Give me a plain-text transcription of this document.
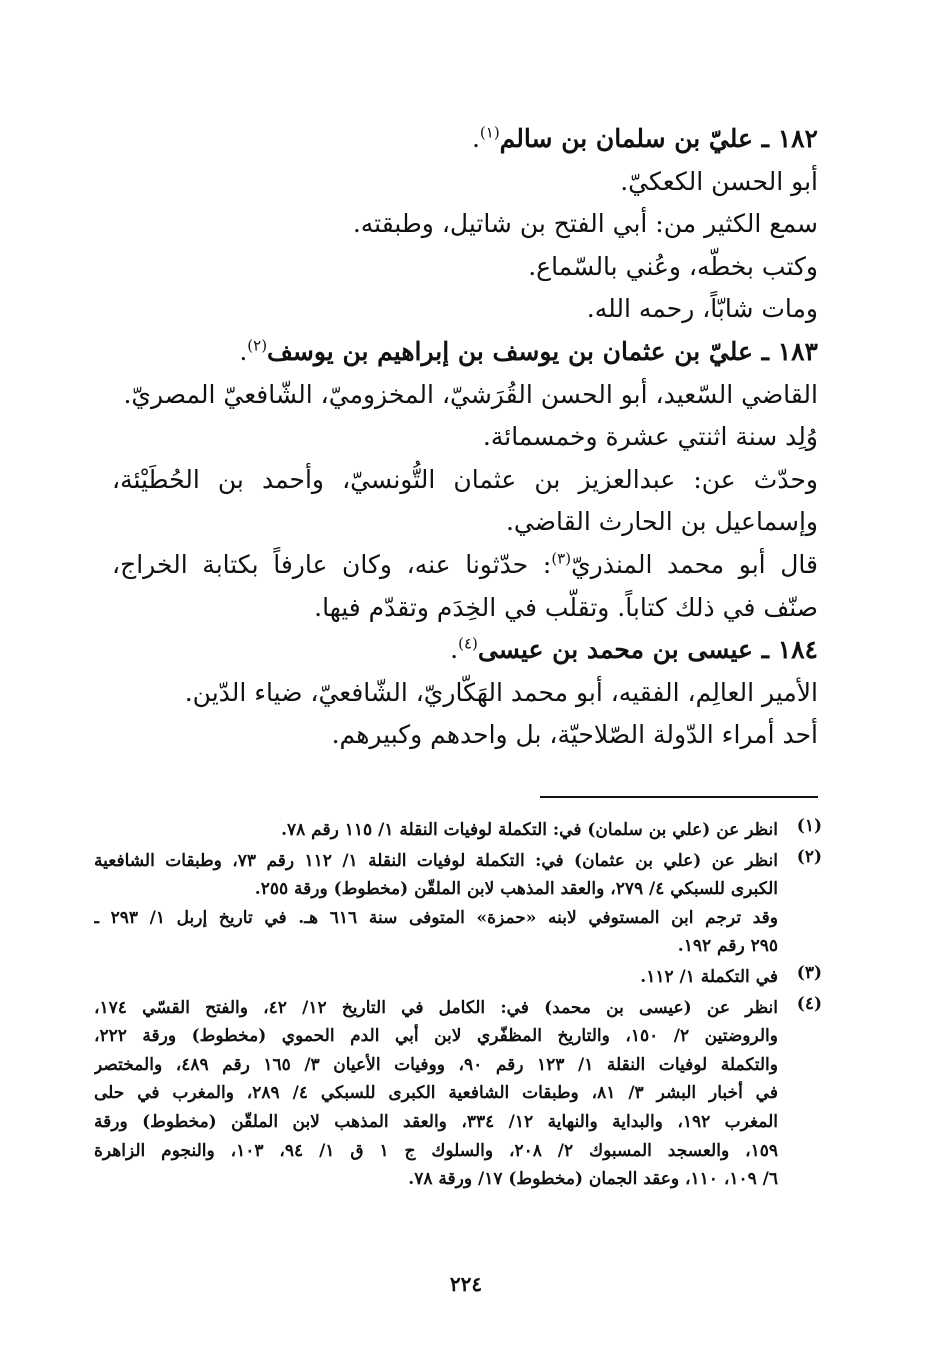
١٨٢ ـ عليّ بن سلمان بن سالم$^{(١)}$.
أبو الحسن الكعكيّ.
سمع الكثير من: أبي الفتح بن شاتيل، وطبقته.
وكتب بخطّه، وعُني بالسّماع.
ومات شابّاً، رحمه الله.
١٨٣ ـ عليّ بن عثمان بن يوسف بن إبراهيم بن يوسف$^{(٢)}$.
القاضي السّعيد، أبو الحسن القُرَشيّ، المخزوميّ، الشّافعيّ المصريّ.
وُلِد سنة اثنتي عشرة وخمسمائة.
وحدّث عن: عبدالعزيز بن عثمان التُّونسيّ، وأحمد بن الحُطَيْئة،
وإسماعيل بن الحارث القاضي.
قال أبو محمد المنذريّ$^{(٣)}$: حدّثونا عنه، وكان عارفاً بكتابة الخراج،
صنّف في ذلك كتاباً. وتقلّب في الخِدَم وتقدّم فيها.
١٨٤ ـ عيسى بن محمد بن عيسى$^{(٤)}$.
الأمير العالِم، الفقيه، أبو محمد الهَكّاريّ، الشّافعيّ، ضياء الدّين.
أحد أمراء الدّولة الصّلاحيّة، بل واحدهم وكبيرهم.
(١)
انظر عن (علي بن سلمان) في: التكملة لوفيات النقلة ١/ ١١٥ رقم ٧٨.
(٢)
انظر عن (علي بن عثمان) في: التكملة لوفيات النقلة ١/ ١١٢ رقم ٧٣، وطبقات الشافعية
الكبرى للسبكي ٤/ ٢٧٩، والعقد المذهب لابن الملقّن (مخطوط) ورقة ٢٥٥.
وقد ترجم ابن المستوفي لابنه «حمزة» المتوفى سنة ٦١٦ هـ. في تاريخ إربل ١/ ٢٩٣ ـ
٢٩٥ رقم ١٩٢.
(٣)
في التكملة ١/ ١١٢.
(٤)
انظر عن (عيسى بن محمد) في: الكامل في التاريخ ١٢/ ٤٢، والفتح القسّي ١٧٤،
والروضتين ٢/ ١٥٠، والتاريخ المظفّري لابن أبي الدم الحموي (مخطوط) ورقة ٢٢٢،
والتكملة لوفيات النقلة ١/ ١٢٣ رقم ٩٠، ووفيات الأعيان ٣/ ١٦٥ رقم ٤٨٩، والمختصر
في أخبار البشر ٣/ ٨١، وطبقات الشافعية الكبرى للسبكي ٤/ ٢٨٩، والمغرب في حلى
المغرب ١٩٢، والبداية والنهاية ١٢/ ٣٣٤، والعقد المذهب لابن الملقّن (مخطوط) ورقة
١٥٩، والعسجد المسبوك ٢/ ٢٠٨، والسلوك ج ١ ق ١/ ٩٤، ١٠٣، والنجوم الزاهرة
٦/ ١٠٩، ١١٠، وعقد الجمان (مخطوط) ١٧/ ورقة ٧٨.
٢٢٤
